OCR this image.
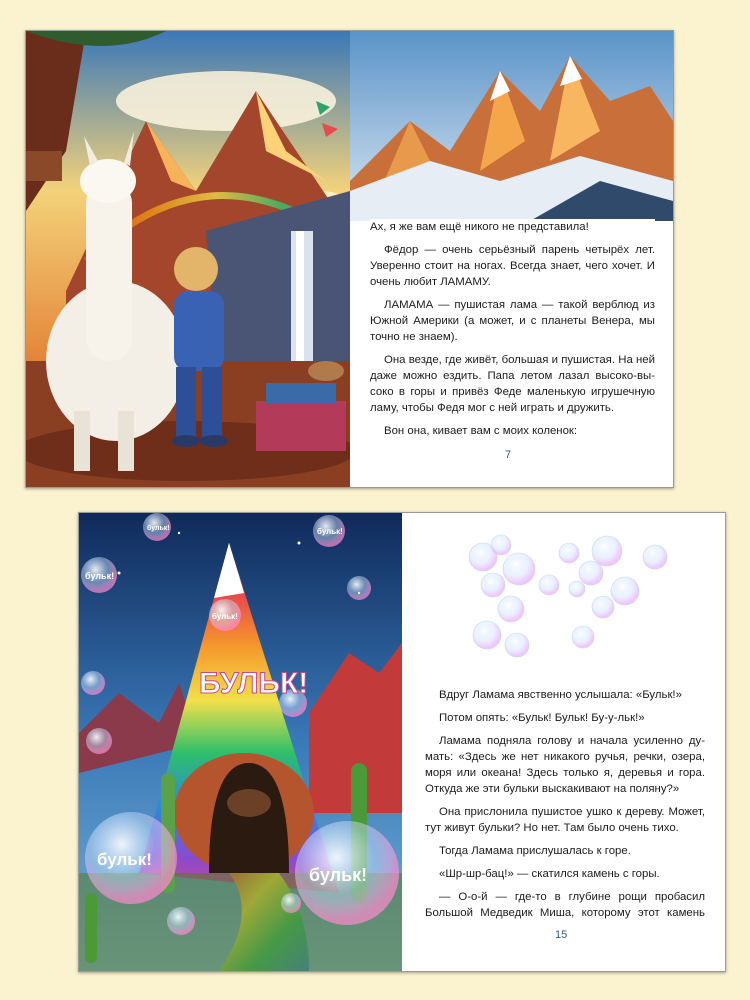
Ах, я же вам ещё никого не представила!

Фёдор — очень серьёзный парень четырёх лет. Уверенно стоит на ногах. Всегда знает, чего хочет. И очень любит ЛАМАМУ.

ЛАМАМА — пушистая лама — такой верблюд из Южной Америки (а может, и с планеты Венера, мы точно не знаем).

Она везде, где живёт, большая и пушистая. На ней даже можно ездить. Папа летом лазал высоко-вы- соко в горы и привёз Феде маленькую игрушечную ламу, чтобы Федя мог с ней играть и дружить.

Вон она, кивает вам с моих коленок:

7
бульк!	бульк!
бульк!
бульк!
бульк!
бульк!
БУЛЬК!	Вдруг Ламама явственно услышала: «Бульк!»

Потом опять: «Бульк! Бульк! Бу-у-льк!»

Ламама подняла голову и начала усиленно ду- мать: «Здесь же нет никакого ручья, речки, озера, моря или океана! Здесь только я, деревья и гора. Откуда же эти бульки выскакивают на поляну?»

Она прислонила пушистое ушко к дереву. Может, тут живут бульки? Но нет. Там было очень тихо.

Тогда Ламама прислушалась к горе.

«Шр-шр-бац!» — скатился камень с горы.

— О-о-й — где-то в глубине рощи пробасил Большой Медведик Миша, которому этот камень

15
